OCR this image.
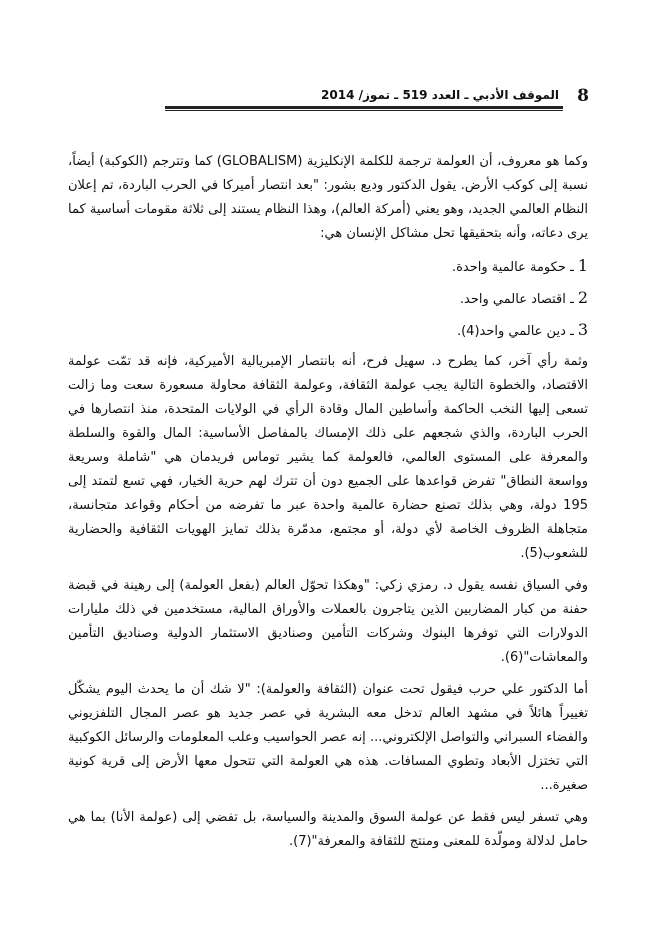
8
الموقف الأدبي ـ العدد 519 ـ تموز/ 2014

وكما هو معروف، أن العولمة ترجمة للكلمة الإنكليزية (GLOBALISM) كما وتترجم (الكوكبة) أيضاً، نسبة إلى كوكب الأرض. يقول الدكتور وديع بشور: "بعد انتصار أميركا في الحرب الباردة، تم إعلان النظام العالمي الجديد، وهو يعني (أمركة العالم)، وهذا النظام يستند إلى ثلاثة مقومات أساسية كما يرى دعاته، وأنه بتحقيقها تحل مشاكل الإنسان هي:

1ـ حكومة عالمية واحدة.
2ـ اقتصاد عالمي واحد.
3ـ دين عالمي واحد(4).

وثمة رأي آخر، كما يطرح د. سهيل فرح، أنه بانتصار الإمبريالية الأميركية، فإنه قد تمّت عولمة الاقتصاد، والخطوة التالية يجب عولمة الثقافة، وعولمة الثقافة محاولة مسعورة سعت وما زالت تسعى إليها النخب الحاكمة وأساطين المال وقادة الرأي في الولايات المتحدة، منذ انتصارها في الحرب الباردة، والذي شجعهم على ذلك الإمساك بالمفاصل الأساسية: المال والقوة والسلطة والمعرفة على المستوى العالمي، فالعولمة كما يشير توماس فريدمان هي "شاملة وسريعة وواسعة النطاق" تفرض قواعدها على الجميع دون أن تترك لهم حرية الخيار، فهي تسع لتمتد إلى 195 دولة، وهي بذلك تصنع حضارة عالمية واحدة عبر ما تفرضه من أحكام وقواعد متجانسة، متجاهلة الظروف الخاصة لأي دولة، أو مجتمع، مدمّرة بذلك تمايز الهويات الثقافية والحضارية للشعوب(5).

وفي السياق نفسه يقول د. رمزي زكي: "وهكذا تحوّل العالم (بفعل العولمة) إلى رهينة في قبضة حفنة من كبار المضاربين الذين يتاجرون بالعملات والأوراق المالية، مستخدمين في ذلك مليارات الدولارات التي توفرها البنوك وشركات التأمين وصناديق الاستثمار الدولية وصناديق التأمين والمعاشات"(6).

أما الدكتور علي حرب فيقول تحت عنوان (الثقافة والعولمة): "لا شك أن ما يحدث اليوم يشكّل تغييراً هائلاً في مشهد العالم تدخل معه البشرية في عصر جديد هو عصر المجال التلفزيوني والفضاء السبراني والتواصل الإلكتروني... إنه عصر الحواسيب وعلب المعلومات والرسائل الكوكبية التي تختزل الأبعاد وتطوي المسافات. هذه هي العولمة التي تتحول معها الأرض إلى قرية كونية صغيرة...

وهي تسفر ليس فقط عن عولمة السوق والمدينة والسياسة، بل تفضي إلى (عولمة الأنا) بما هي حامل لدلالة ومولّدة للمعنى ومنتج للثقافة والمعرفة"(7).
